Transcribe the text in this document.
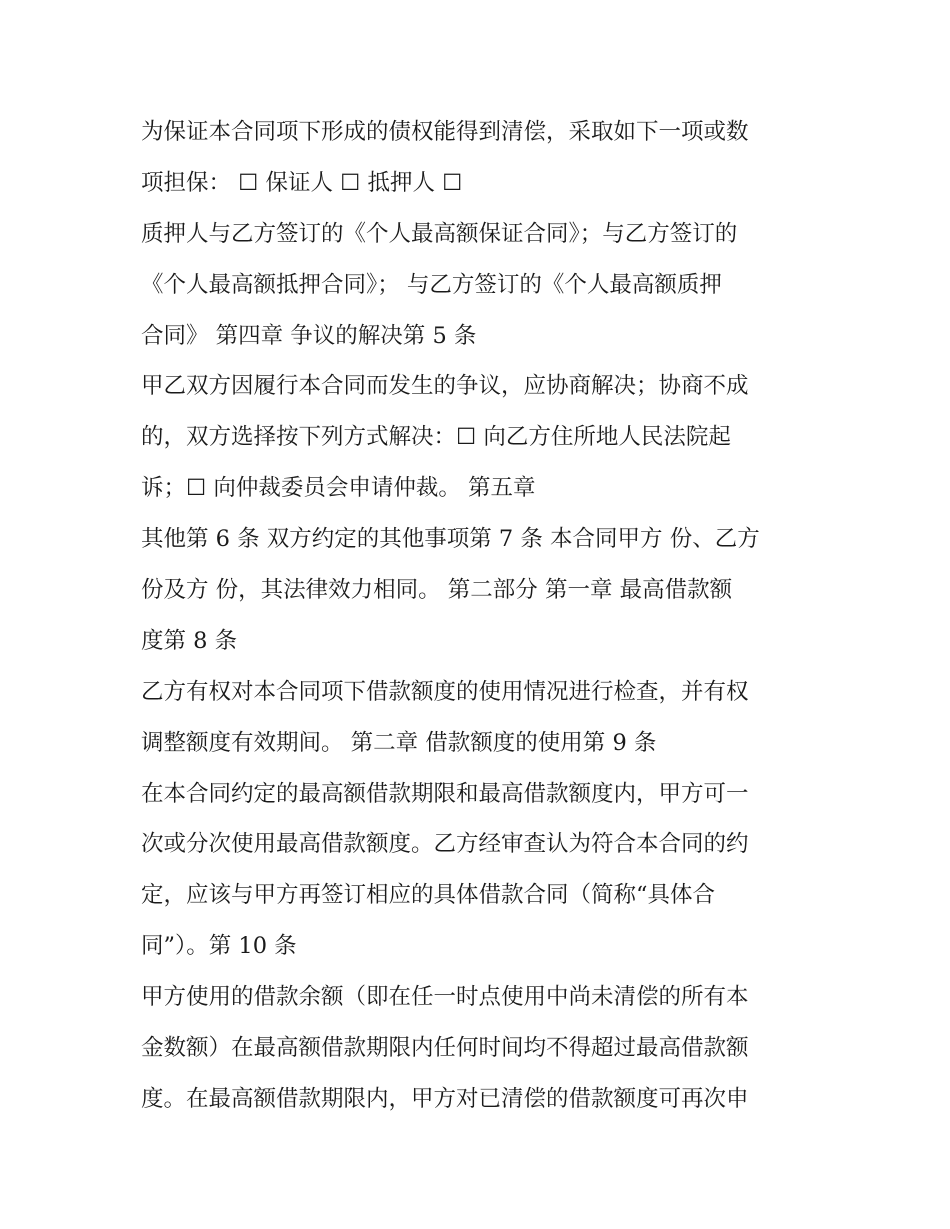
为保证本合同项下形成的债权能得到清偿，采取如下一项或数
项担保： ☐ 保证人 ☐ 抵押人 ☐
质押人与乙方签订的《个人最高额保证合同》；与乙方签订的
《个人最高额抵押合同》； 与乙方签订的《个人最高额质押
合同》 第四章 争议的解决第 5 条
甲乙双方因履行本合同而发生的争议，应协商解决；协商不成
的，双方选择按下列方式解决：☐ 向乙方住所地人民法院起
诉；☐ 向仲裁委员会申请仲裁。 第五章
其他第 6 条 双方约定的其他事项第 7 条 本合同甲方 份、乙方
份及方 份，其法律效力相同。 第二部分 第一章 最高借款额
度第 8 条
乙方有权对本合同项下借款额度的使用情况进行检查，并有权
调整额度有效期间。 第二章 借款额度的使用第 9 条
在本合同约定的最高额借款期限和最高借款额度内，甲方可一
次或分次使用最高借款额度。乙方经审查认为符合本合同的约
定，应该与甲方再签订相应的具体借款合同（简称“具体合
同”）。第 10 条
甲方使用的借款余额（即在任一时点使用中尚未清偿的所有本
金数额）在最高额借款期限内任何时间均不得超过最高借款额
度。在最高额借款期限内，甲方对已清偿的借款额度可再次申
